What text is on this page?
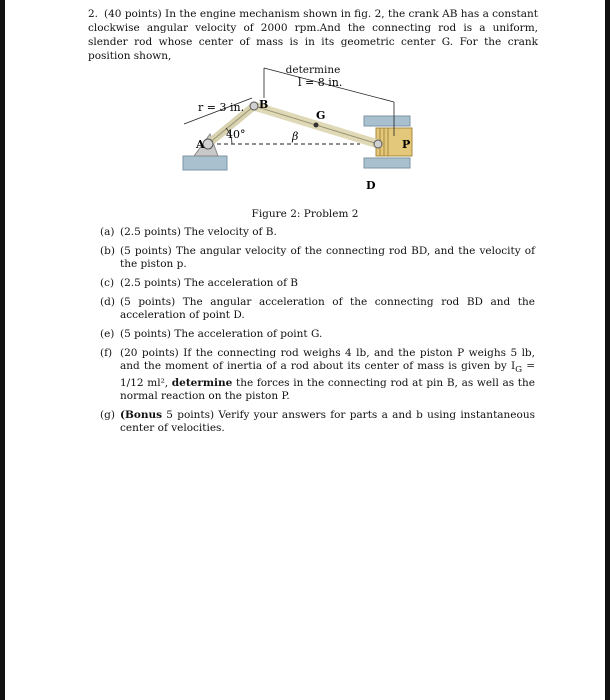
2. (40 points) In the engine mechanism shown in fig. 2, the crank AB has a constant clockwise angular velocity of 2000 rpm.And the connecting rod is a uniform, slender rod whose center of mass is in its geometric center G. For the crank position shown,
determine
l = 8 in.
r = 3 in. B
G
40°
A
β
P
D
Figure 2: Problem 2
(a) (2.5 points) The velocity of B.
(b) (5 points) The angular velocity of the connecting rod BD, and the velocity of the piston p.
(c) (2.5 points) The acceleration of B
(d) (5 points) The angular acceleration of the connecting rod BD and the acceleration of point D.
(e) (5 points) The acceleration of point G.
(f) (20 points) If the connecting rod weighs 4 lb, and the piston P weighs 5 lb, and the moment of inertia of a rod about its center of mass is given by $I_G = 1/12$ ml², determine the forces in the connecting rod at pin B, as well as the normal reaction on the piston P.
(g) (Bonus 5 points) Verify your answers for parts a and b using instantaneous center of velocities.
